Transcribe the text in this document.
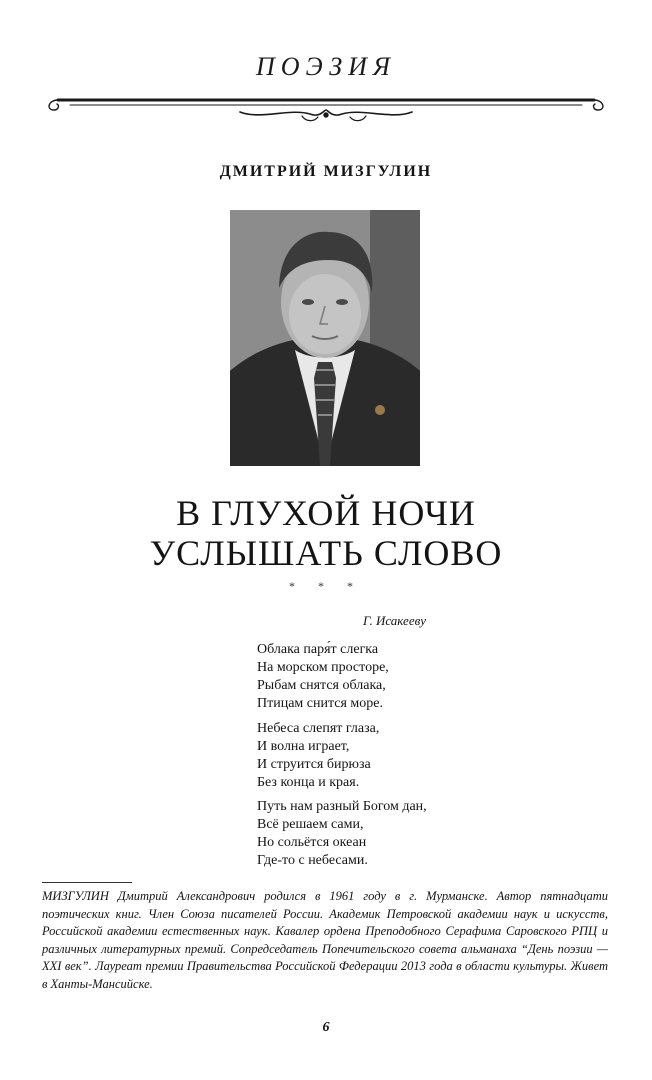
ПОЭЗИЯ
ДМИТРИЙ МИЗГУЛИН
В ГЛУХОЙ НОЧИ
УСЛЫШАТЬ СЛОВО
* * *
Г. Исакееву
Облака паря́т слегка
На морском просторе,
Рыбам снятся облака,
Птицам снится море.
Небеса слепят глаза,
И волна играет,
И струится бирюза
Без конца и края.
Путь нам разный Богом дан,
Всё решаем сами,
Но сольётся океан
Где-то с небесами.
МИЗГУЛИН Дмитрий Александрович родился в 1961 году в г. Мурманске. Автор пятнадцати поэтических книг. Член Союза писателей России. Академик Петровской академии наук и искусств, Российской академии естественных наук. Кавалер ордена Преподобного Серафима Саровского РПЦ и различных литературных премий. Сопредседатель Попечительского совета альманаха “День поэзии — XXI век”. Лауреат премии Правительства Российской Федерации 2013 года в области культуры. Живет в Ханты-Мансийске.
6
